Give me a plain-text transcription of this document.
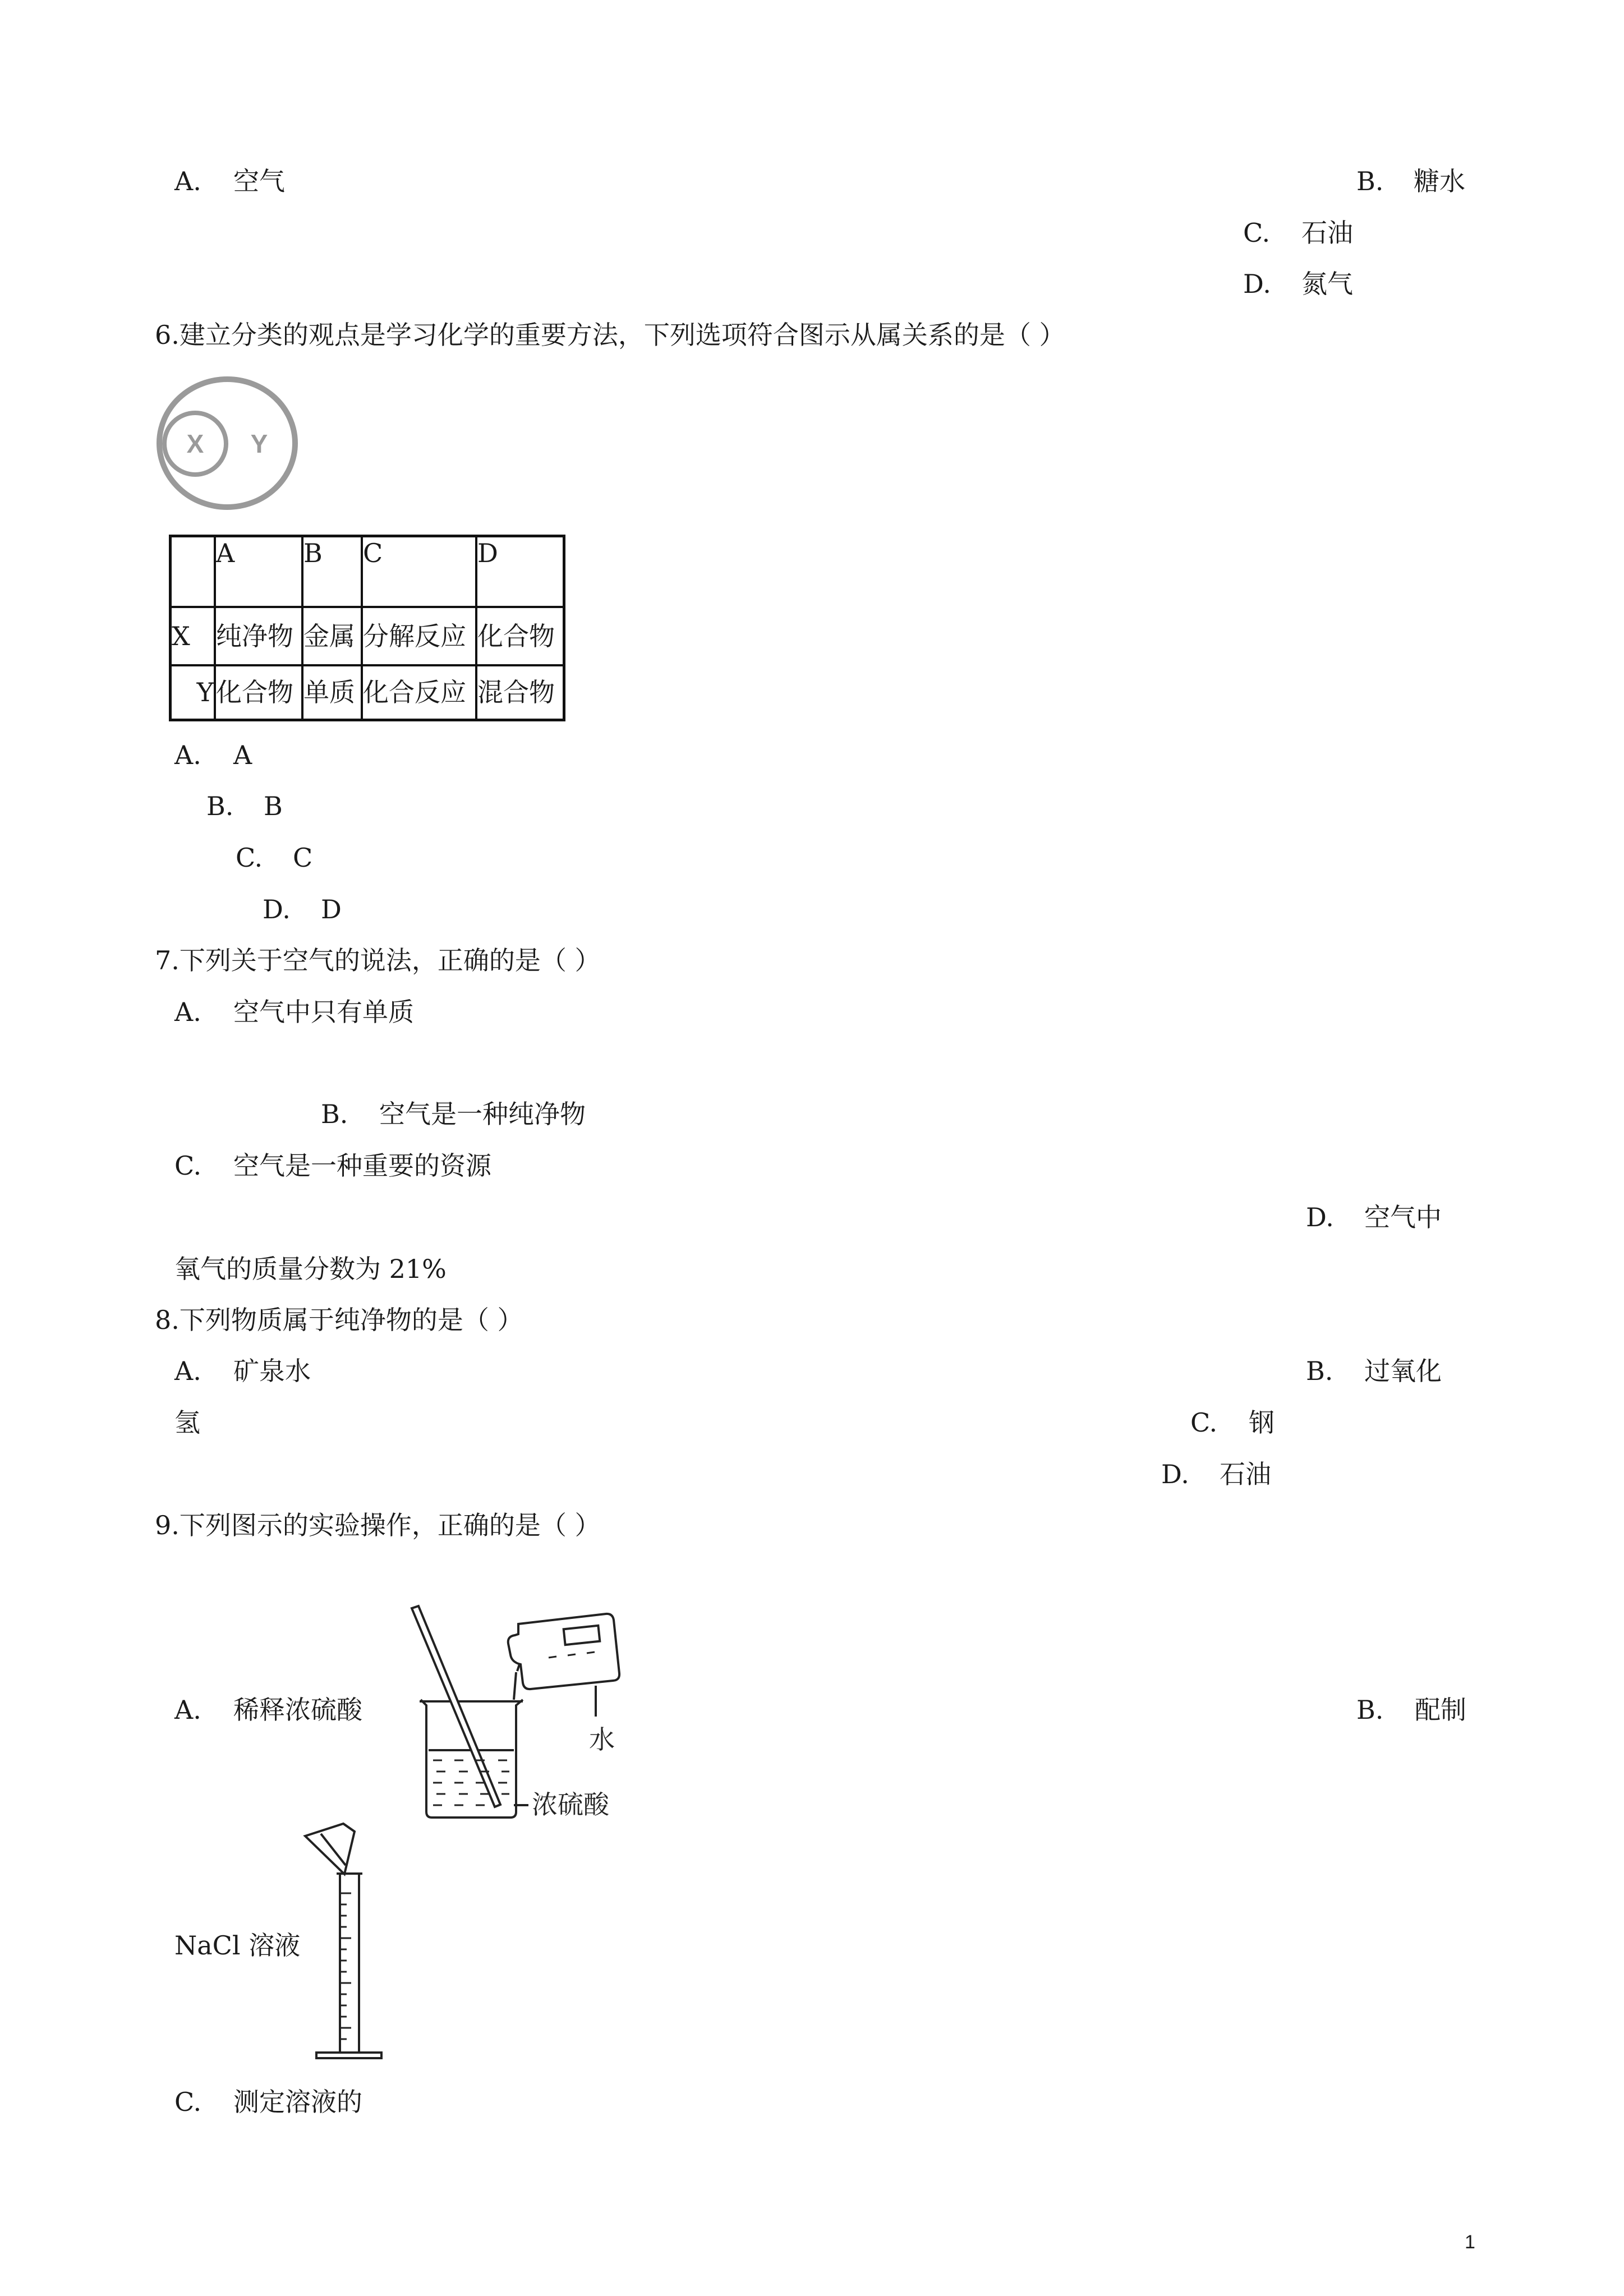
A. 空气	B. 糖水
C. 石油
D. 氮气
6.建立分类的观点是学习化学的重要方法，下列选项符合图示从属关系的是（ ）
X Y
	A	B	C	D
X	纯净物	金属	分解反应	化合物
Y	化合物	单质	化合反应	混合物
A. A
B. B
C. C
D. D
7.下列关于空气的说法，正确的是（ ）
A. 空气中只有单质
B. 空气是一种纯净物
C. 空气是一种重要的资源
D. 空气中
氧气的质量分数为 21%
8.下列物质属于纯净物的是（ ）
A. 矿泉水	B. 过氧化
氢	C. 钢
D. 石油
9.下列图示的实验操作，正确的是（ ）
A. 稀释浓硫酸
水
浓硫酸
B. 配制
NaCl 溶液
C. 测定溶液的
1
